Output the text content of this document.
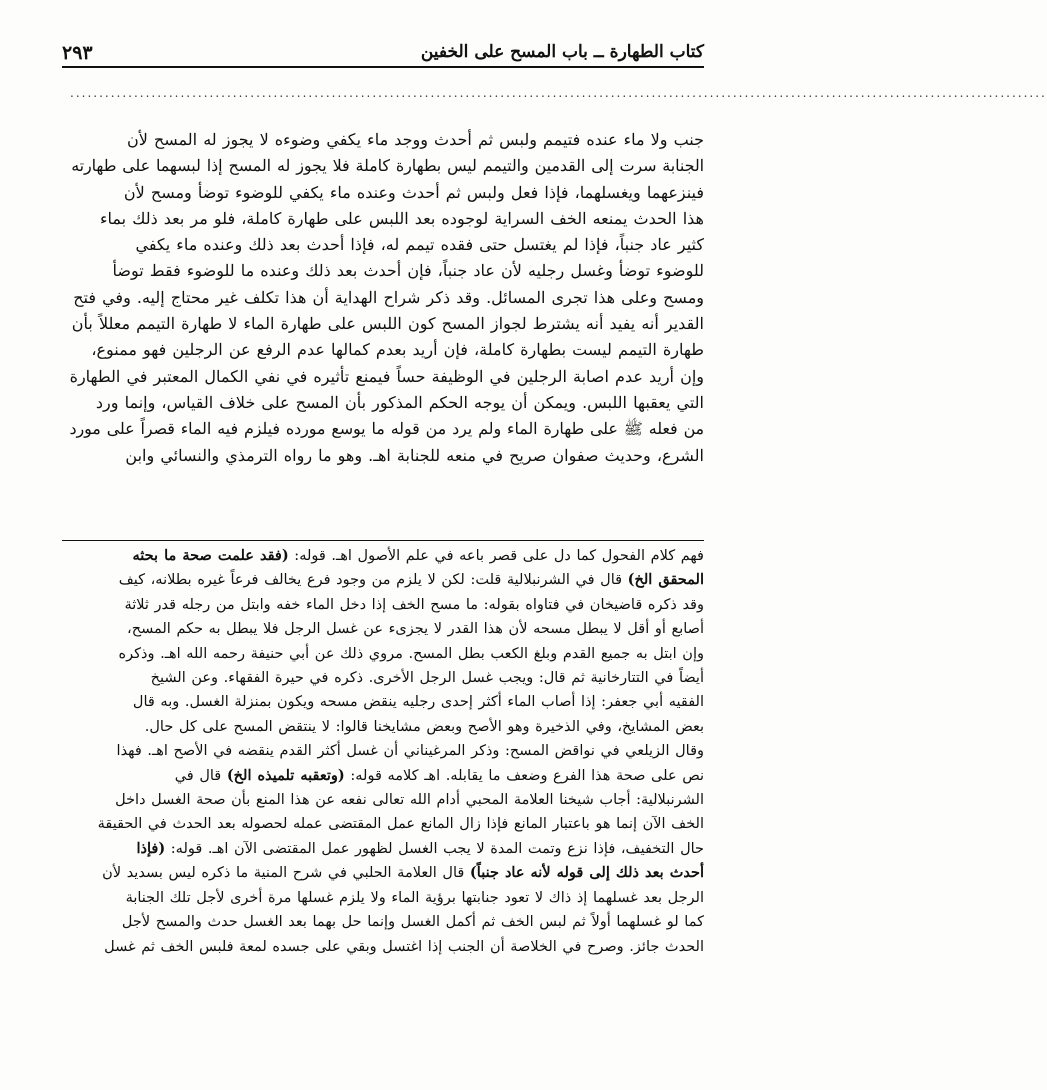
٢٩٣	كتاب الطهارة ــ باب المسح على الخفين
........................................................................................................................................................................
جنب ولا ماء عنده فتيمم ولبس ثم أحدث ووجد ماء يكفي وضوءه لا يجوز له المسح لأن
الجنابة سرت إلى القدمين والتيمم ليس بطهارة كاملة فلا يجوز له المسح إذا لبسهما على طهارته
فينزعهما ويغسلهما، فإذا فعل ولبس ثم أحدث وعنده ماء يكفي للوضوء توضأ ومسح لأن
هذا الحدث يمنعه الخف السراية لوجوده بعد اللبس على طهارة كاملة، فلو مر بعد ذلك بماء
كثير عاد جنباً، فإذا لم يغتسل حتى فقده تيمم له، فإذا أحدث بعد ذلك وعنده ماء يكفي
للوضوء توضأ وغسل رجليه لأن عاد جنباً، فإن أحدث بعد ذلك وعنده ما للوضوء فقط توضأ
ومسح وعلى هذا تجرى المسائل. وقد ذكر شراح الهداية أن هذا تكلف غير محتاج إليه. وفي فتح
القدير أنه يفيد أنه يشترط لجواز المسح كون اللبس على طهارة الماء لا طهارة التيمم معللاً بأن
طهارة التيمم ليست بطهارة كاملة، فإن أريد بعدم كمالها عدم الرفع عن الرجلين فهو ممنوع،
وإن أريد عدم اصابة الرجلين في الوظيفة حساً فيمنع تأثيره في نفي الكمال المعتبر في الطهارة
التي يعقبها اللبس. ويمكن أن يوجه الحكم المذكور بأن المسح على خلاف القياس، وإنما ورد
من فعله ﷺ على طهارة الماء ولم يرد من قوله ما يوسع مورده فيلزم فيه الماء قصراً على مورد
الشرع، وحديث صفوان صريح في منعه للجنابة اهـ. وهو ما رواه الترمذي والنسائي وابن
فهم كلام الفحول كما دل على قصر باعه في علم الأصول اهـ. قوله: (فقد علمت صحة ما بحثه
المحقق الخ) قال في الشرنبلالية قلت: لكن لا يلزم من وجود فرع يخالف فرعاً غيره بطلانه، كيف
وقد ذكره قاضيخان في فتاواه بقوله: ما مسح الخف إذا دخل الماء خفه وابتل من رجله قدر ثلاثة
أصابع أو أقل لا يبطل مسحه لأن هذا القدر لا يجزىء عن غسل الرجل فلا يبطل به حكم المسح،
وإن ابتل به جميع القدم وبلغ الكعب بطل المسح. مروي ذلك عن أبي حنيفة رحمه الله اهـ. وذكره
أيضاً في التتارخانية ثم قال: ويجب غسل الرجل الأخرى. ذكره في حيرة الفقهاء. وعن الشيخ
الفقيه أبي جعفر: إذا أصاب الماء أكثر إحدى رجليه ينقض مسحه ويكون بمنزلة الغسل. وبه قال
بعض المشايخ، وفي الذخيرة وهو الأصح وبعض مشايخنا قالوا: لا ينتقض المسح على كل حال.
وقال الزيلعي في نواقض المسح: وذكر المرغيناني أن غسل أكثر القدم ينقضه في الأصح اهـ. فهذا
نص على صحة هذا الفرع وضعف ما يقابله. اهـ كلامه قوله: (وتعقبه تلميذه الخ) قال في
الشرنبلالية: أجاب شيخنا العلامة المحبي أدام الله تعالى نفعه عن هذا المنع بأن صحة الغسل داخل
الخف الآن إنما هو باعتبار المانع فإذا زال المانع عمل المقتضى عمله لحصوله بعد الحدث في الحقيقة
حال التخفيف، فإذا نزع وتمت المدة لا يجب الغسل لظهور عمل المقتضى الآن اهـ. قوله: (فإذا
أحدث بعد ذلك إلى قوله لأنه عاد جنباً) قال العلامة الحلبي في شرح المنية ما ذكره ليس بسديد لأن
الرجل بعد غسلهما إذ ذاك لا تعود جنابتها برؤية الماء ولا يلزم غسلها مرة أخرى لأجل تلك الجنابة
كما لو غسلهما أولاً ثم لبس الخف ثم أكمل الغسل وإنما حل بهما بعد الغسل حدث والمسح لأجل
الحدث جائز. وصرح في الخلاصة أن الجنب إذا اغتسل وبقي على جسده لمعة فلبس الخف ثم غسل
